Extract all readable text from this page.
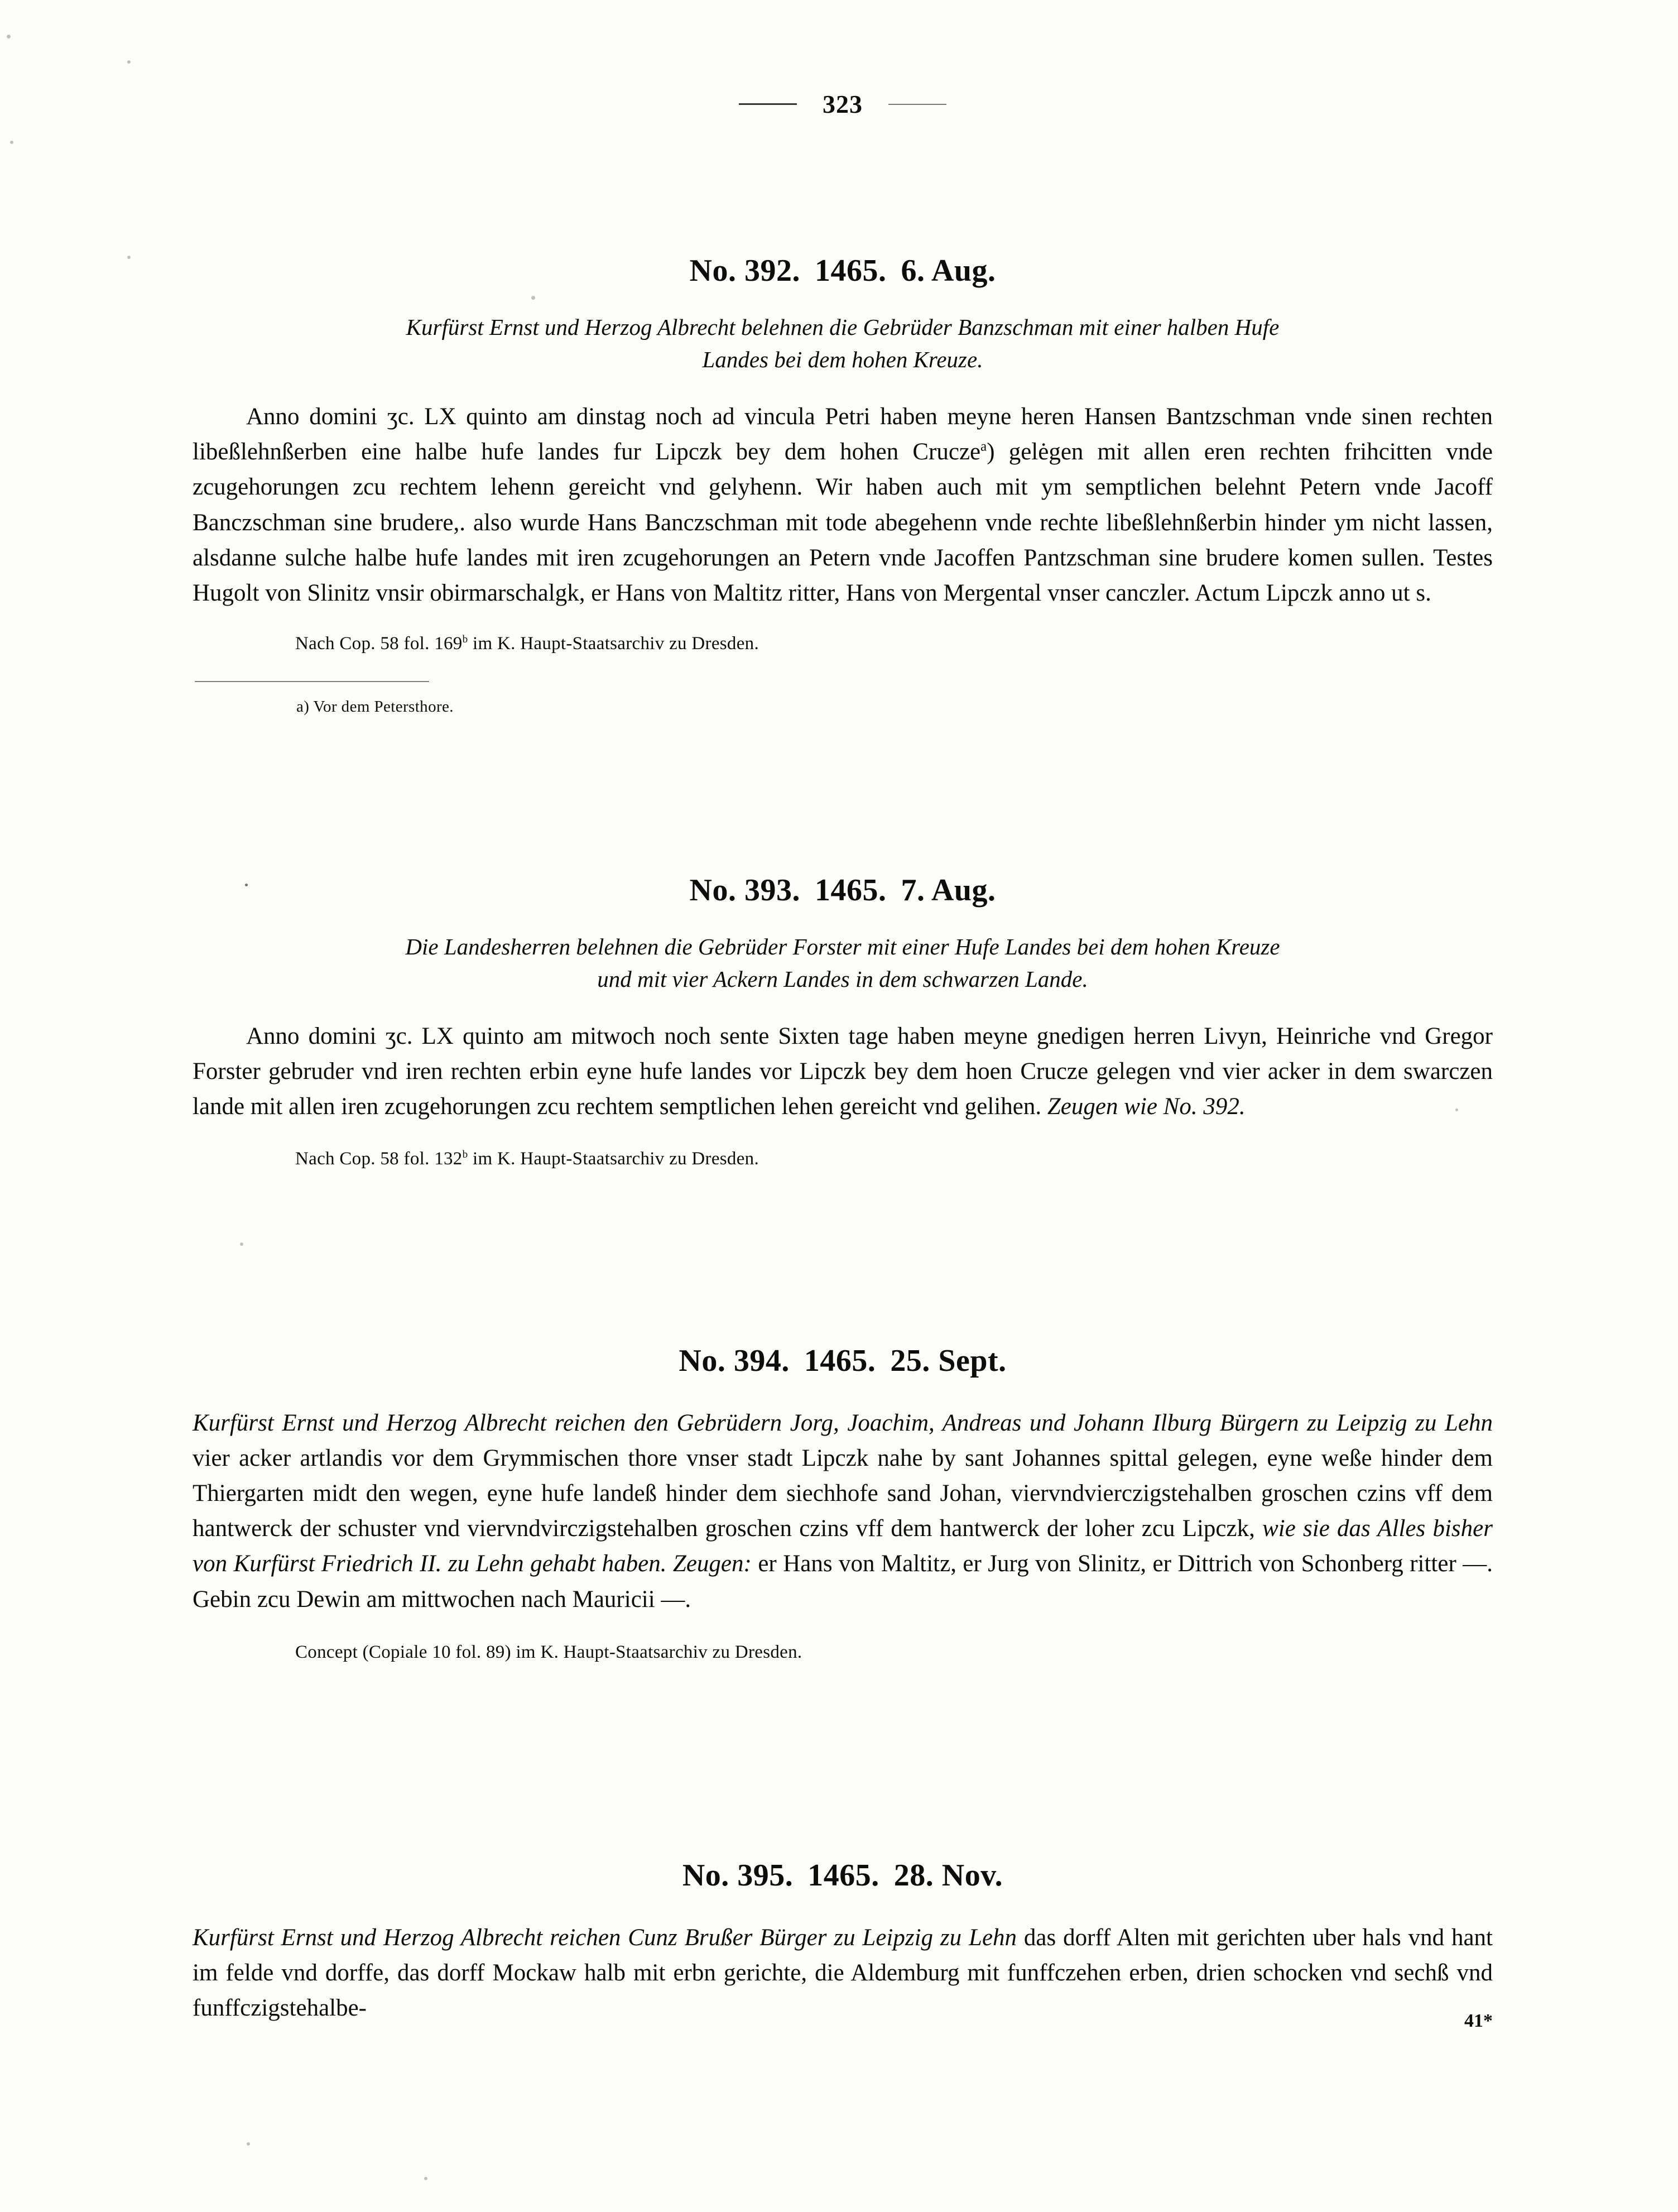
323
No. 392. 1465. 6. Aug.
Kurfürst Ernst und Herzog Albrecht belehnen die Gebrüder Banzschman mit einer halben Hufe
Landes bei dem hohen Kreuze.
Anno domini ʒc. LX quinto am dinstag noch ad vincula Petri haben meyne heren Hansen Bantzschman vnde sinen rechten libeßlehnßerben eine halbe hufe landes fur Lipczk bey dem hohen Crucze$^a$) gelėgen mit allen eren rechten frihcitten vnde zcugehorungen zcu rechtem lehenn gereicht vnd gelyhenn. Wir haben auch mit ym semptlichen belehnt Petern vnde Jacoff Banczschman sine brudere,. also wurde Hans Banczschman mit tode abegehenn vnde rechte libeßlehnßerbin hinder ym nicht lassen, alsdanne sulche halbe hufe landes mit iren zcugehorungen an Petern vnde Jacoffen Pantzschman sine brudere komen sullen. Testes Hugolt von Slinitz vnsir obirmarschalgk, er Hans von Maltitz ritter, Hans von Mergental vnser canczler. Actum Lipczk anno ut s.
Nach Cop. 58 fol. 169$^b$ im K. Haupt-Staatsarchiv zu Dresden.
a) Vor dem Petersthore.
No. 393. 1465. 7. Aug.
Die Landesherren belehnen die Gebrüder Forster mit einer Hufe Landes bei dem hohen Kreuze
und mit vier Ackern Landes in dem schwarzen Lande.
Anno domini ʒc. LX quinto am mitwoch noch sente Sixten tage haben meyne gnedigen herren Livyn, Heinriche vnd Gregor Forster gebruder vnd iren rechten erbin eyne hufe landes vor Lipczk bey dem hoen Crucze gelegen vnd vier acker in dem swarczen lande mit allen iren zcugehorungen zcu rechtem semptlichen lehen gereicht vnd gelihen. Zeugen wie No. 392.
Nach Cop. 58 fol. 132$^b$ im K. Haupt-Staatsarchiv zu Dresden.
No. 394. 1465. 25. Sept.
Kurfürst Ernst und Herzog Albrecht reichen den Gebrüdern Jorg, Joachim, Andreas und Johann Ilburg Bürgern zu Leipzig zu Lehn vier acker artlandis vor dem Grymmischen thore vnser stadt Lipczk nahe by sant Johannes spittal gelegen, eyne weße hinder dem Thiergarten midt den wegen, eyne hufe landeß hinder dem siechhofe sand Johan, viervndvierczigstehalben groschen czins vff dem hantwerck der schuster vnd viervndvirczigstehalben groschen czins vff dem hantwerck der loher zcu Lipczk, wie sie das Alles bisher von Kurfürst Friedrich II. zu Lehn gehabt haben. Zeugen: er Hans von Maltitz, er Jurg von Slinitz, er Dittrich von Schonberg ritter —. Gebin zcu Dewin am mittwochen nach Mauricii —.
Concept (Copiale 10 fol. 89) im K. Haupt-Staatsarchiv zu Dresden.
No. 395. 1465. 28. Nov.
Kurfürst Ernst und Herzog Albrecht reichen Cunz Brußer Bürger zu Leipzig zu Lehn das dorff Alten mit gerichten uber hals vnd hant im felde vnd dorffe, das dorff Mockaw halb mit erbn gerichte, die Aldemburg mit funffczehen erben, drien schocken vnd sechß vnd funffczigstehalbe-	41*
